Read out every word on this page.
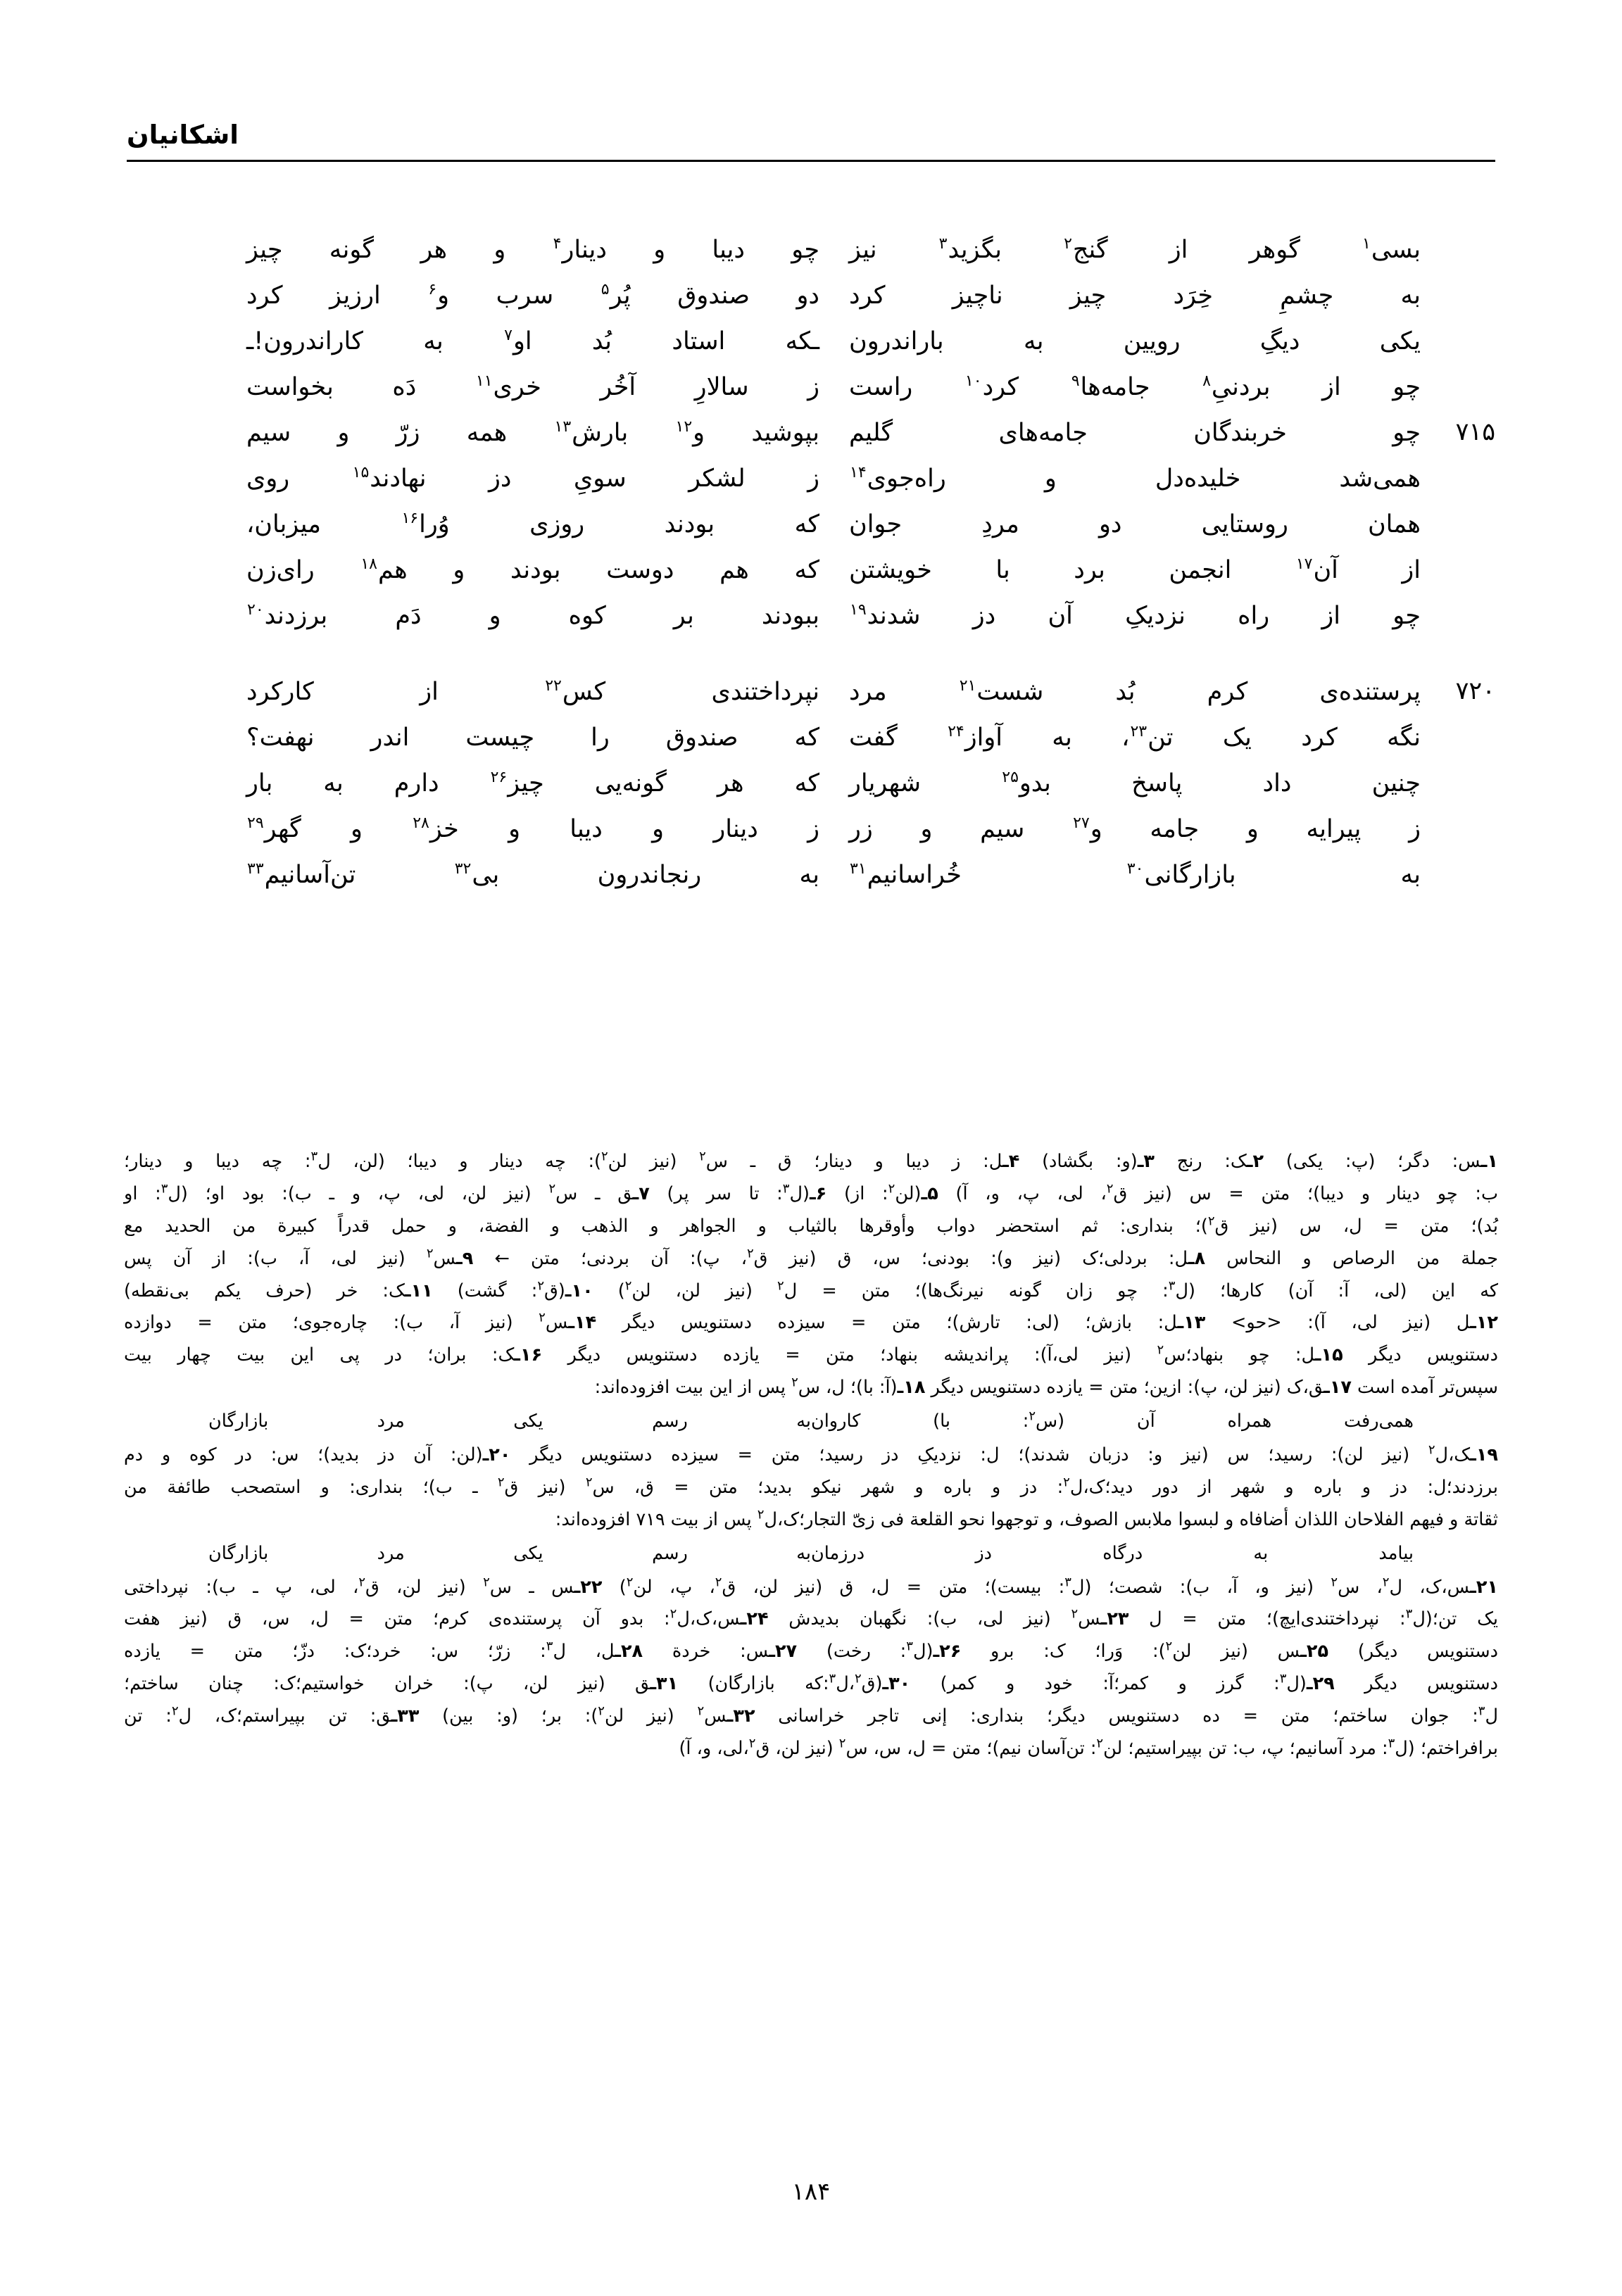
اشکانیان
بسی$^۱$ گوهر از گنج$^۲$ بگزید$^۳$ نیز
چو دیبا و دینار$^۴$ و هر گونه چیز
به چشمِ خِرَد چیز ناچیز کرد
دو صندوق پُر$^۵$ سرب و$^۶$ ارزیز کرد
یکی دیگِ رویین به باراندرون
ـکه استاد بُد او$^۷$ به کاراندرون!ـ
چو از بردنیِ$^۸$ جامه‌ها$^۹$ کرد$^{۱۰}$ راست
ز سالارِ آخُر خری$^{۱۱}$ دَه بخواست
۷۱۵
چو خربندگان جامه‌های گلیم
بپوشید و$^{۱۲}$ بارش$^{۱۳}$ همه زرّ و سیم
همی‌شد خلیده‌دل و راه‌جوی$^{۱۴}$
ز لشکر سویِ دز نهادند$^{۱۵}$ روی
همان روستایی دو مردِ جوان
که بودند روزی وُرا$^{۱۶}$ میزبان،
از آن$^{۱۷}$ انجمن برد با خویشتن
که هم دوست بودند و هم$^{۱۸}$ رای‌زن
چو از راه نزدیکِ آن دز شدند$^{۱۹}$
ببودند بر کوه و دَم برزدند$^{۲۰}$
۷۲۰
پرستنده‌ی کرم بُد شست$^{۲۱}$ مرد
نپرداختندی کس$^{۲۲}$ از کارکرد
نگه کرد یک تن$^{۲۳}$، به آواز$^{۲۴}$ گفت
که صندوق را چیست اندر نهفت؟
چنین داد پاسخ بدو$^{۲۵}$ شهریار
که هر گونه‌یی چیز$^{۲۶}$ دارم به بار
ز پیرایه و جامه و$^{۲۷}$ سیم و زر
ز دینار و دیبا و خز$^{۲۸}$ و گهر$^{۲۹}$
به بازارگانی$^{۳۰}$ خُراسانیم$^{۳۱}$
به رنجاندرون بی$^{۳۲}$ تن‌آسانیم$^{۳۳}$
۱ـس: دگر؛ (پ: یکی) ۲ـک: رنج ۳ـ(و: بگشاد) ۴ـل: ز دیبا و دینار؛ ق ـ س$^۲$ (نیز لن$^۲$): چه دینار و دیبا؛ (لن، ل$^۳$: چه دیبا و دینار؛
ب: چو دینار و دیبا)؛ متن = س (نیز ق$^۲$، لی، پ، و، آ) ۵ـ(لن$^۲$: از) ۶ـ(ل$^۳$: تا سر پر) ۷ـق ـ س$^۲$ (نیز لن، لی، پ، و ـ ب): بود او؛ (ل$^۳$: او
بُد)؛ متن = ل، س (نیز ق$^۲$)؛ بنداری: ثم استحضر دواب وأوقرها بالثیاب و الجواهر و الذهب و الفضة، و حمل قدراً کبیرة من الحدید مع
جملة من الرصاص و النحاس ۸ـل: بردلی؛ک (نیز و): بودنی؛ س، ق (نیز ق$^۲$، پ): آن بردنی؛ متن ← ۹ـس$^۲$ (نیز لی، آ، ب): از آن پس
که این (لی، آ: آن) کارها؛ (ل$^۳$: چو زان گونه نیرنگ‌ها)؛ متن = ل$^۲$ (نیز لن، لن$^۲$) ۱۰ـ(ق$^۲$: گشت) ۱۱ـک: خر (حرف یکم بی‌نقطه)
۱۲ـل (نیز لی، آ): <حو> ۱۳ـل: بازش؛ (لی: تارش)؛ متن = سیزده دستنویس دیگر ۱۴ـس$^۲$ (نیز آ، ب): چاره‌جوی؛ متن = دوازده
دستنویس دیگر ۱۵ـل: چو بنهاد؛س$^۲$ (نیز لی،آ): پراندیشه بنهاد؛ متن = یازده دستنویس دیگر ۱۶ـک: بران؛ در پی این بیت چهار بیت
سپس‌تر آمده است ۱۷ـق،ک (نیز لن، پ): ازین؛ متن = یازده دستنویس دیگر ۱۸ـ(آ: با)؛ ل، س$^۲$ پس از این بیت افزوده‌اند:
همی‌رفت همراه آن (س$^۲$: با) کاروان
به رسم یکی مرد بازارگان
۱۹ـک،ل$^۲$ (نیز لن): رسید؛ س (نیز و: دزبان شدند)؛ ل: نزدیکِ دز رسید؛ متن = سیزده دستنویس دیگر ۲۰ـ(لن: آن دز بدید)؛ س: در کوه و دم
برزدند؛ل: دز و باره و شهر از دور دید؛ک،ل$^۲$: دز و باره و شهر نیکو بدید؛ متن = ق، س$^۲$ (نیز ق$^۲$ ـ ب)؛ بنداری: و استصحب طائفة من
ثقاتة و فیهم الفلاحان اللذان أضافاه و لبسوا ملابس الصوف، و توجهوا نحو القلعة فی زیّ التجار؛ک،ل$^۲$ پس از بیت ۷۱۹ افزوده‌اند:
بیامد به درگاه دز درزمان
به رسم یکی مرد بازارگان
۲۱ـس،ک، ل$^۲$، س$^۲$ (نیز و، آ، ب): شصت؛ (ل$^۳$: بیست)؛ متن = ل، ق (نیز لن، ق$^۲$، پ، لن$^۲$) ۲۲ـس ـ س$^۲$ (نیز لن، ق$^۲$، لی، پ ـ ب): نپرداختی
یک تن؛(ل$^۳$: نپرداختندی‌ایچ)؛ متن = ل ۲۳ـس$^۲$ (نیز لی، ب): نگهبان بدیدش ۲۴ـس،ک،ل$^۲$: بدو آن پرستنده‌ی کرم؛ متن = ل، س، ق (نیز هفت
دستنویس دیگر) ۲۵ـس (نیز لن$^۲$): وَرا؛ ک: برو ۲۶ـ(ل$^۳$: رخت) ۲۷ـس: خردة ۲۸ـل، ل$^۳$: زرّ؛ س: خرد؛ک: دزّ؛ متن = یازده
دستنویس دیگر ۲۹ـ(ل$^۳$: گرز و کمر؛آ: خود و کمر) ۳۰ـ(ق$^۲$،ل$^۳$:که بازارگان) ۳۱ـق (نیز لن، پ): خران خواستیم؛ک: چنان ساختم؛
ل$^۳$: جوان ساختم؛ متن = ده دستنویس دیگر؛ بنداری: إنی تاجر خراسانی ۳۲ـس$^۲$ (نیز لن$^۲$): بر؛ (و: بین) ۳۳ـق: تن بپیراستم؛ک، ل$^۲$: تن
برافراختم؛ (ل$^۳$: مرد آسانیم؛ پ، ب: تن بپیراستیم؛ لن$^۲$: تن‌آسان نیم)؛ متن = ل، س، س$^۲$ (نیز لن، ق$^۲$،لی، و، آ)
۱۸۴
